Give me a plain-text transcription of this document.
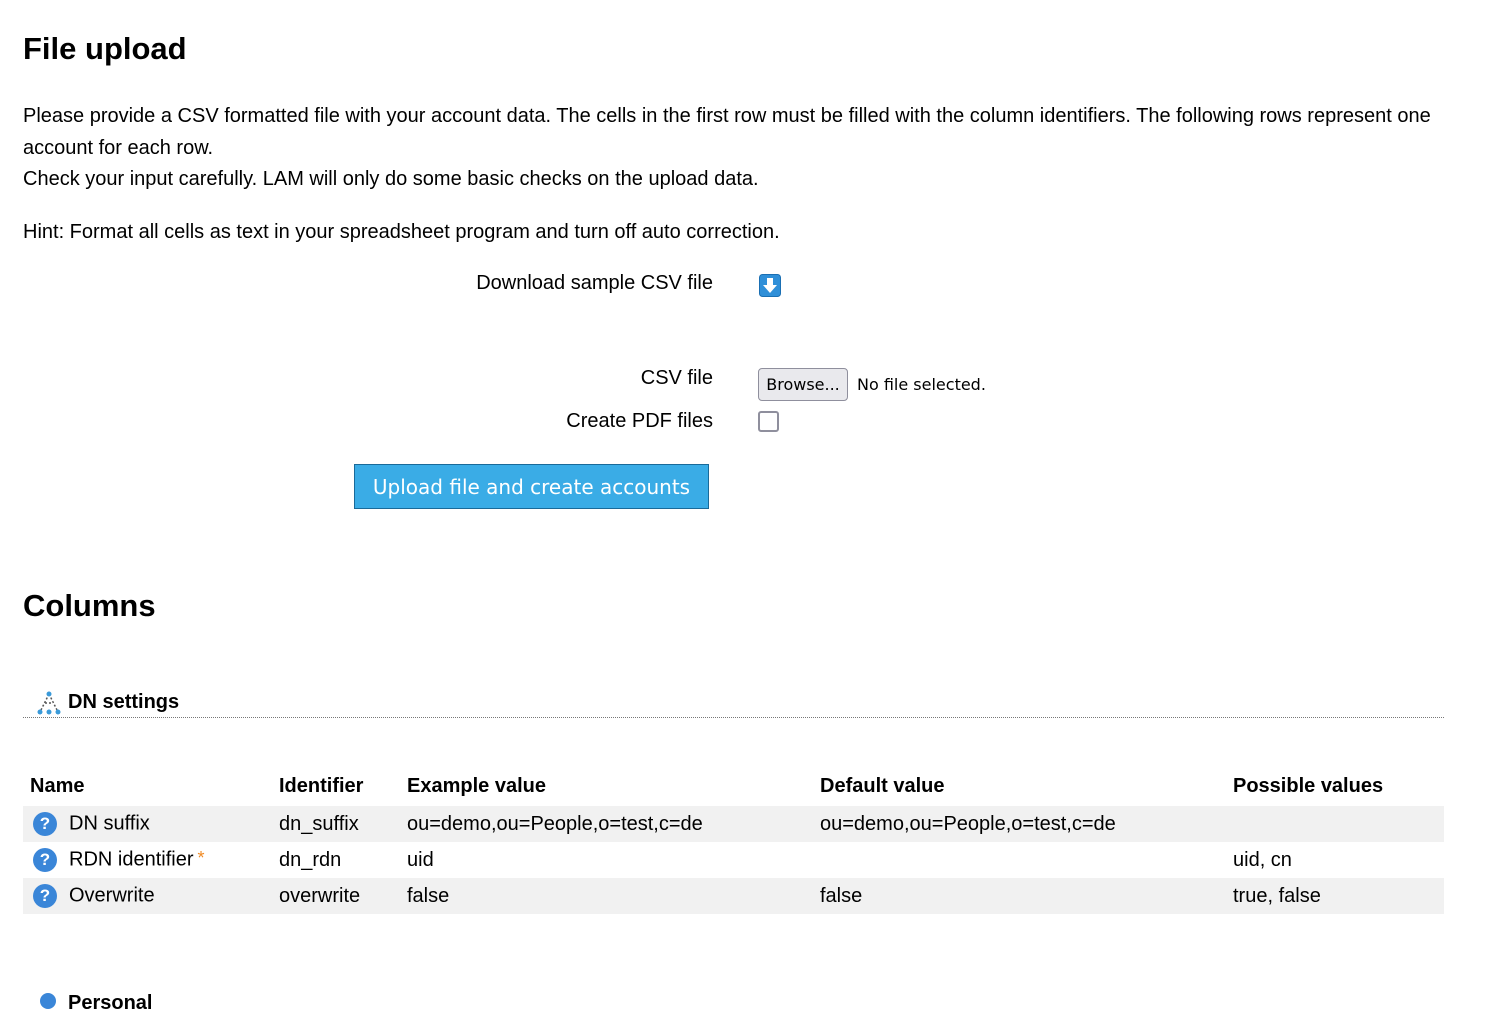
File upload

Please provide a CSV formatted file with your account data. The cells in the first row must be filled with the column identifiers. The following rows represent one account for each row.

Check your input carefully. LAM will only do some basic checks on the upload data.

Hint: Format all cells as text in your spreadsheet program and turn off auto correction.

Download sample CSV file
CSV file	Browse...	No file selected.
Create PDF files
Upload file and create accounts
Columns
DN settings
Name	Identifier	Example value	Default value	Possible values
? DN suffix	dn_suffix	ou=demo,ou=People,o=test,c=de	ou=demo,ou=People,o=test,c=de	
? RDN identifier *	dn_rdn	uid		uid, cn
? Overwrite	overwrite	false	false	true, false
Personal
